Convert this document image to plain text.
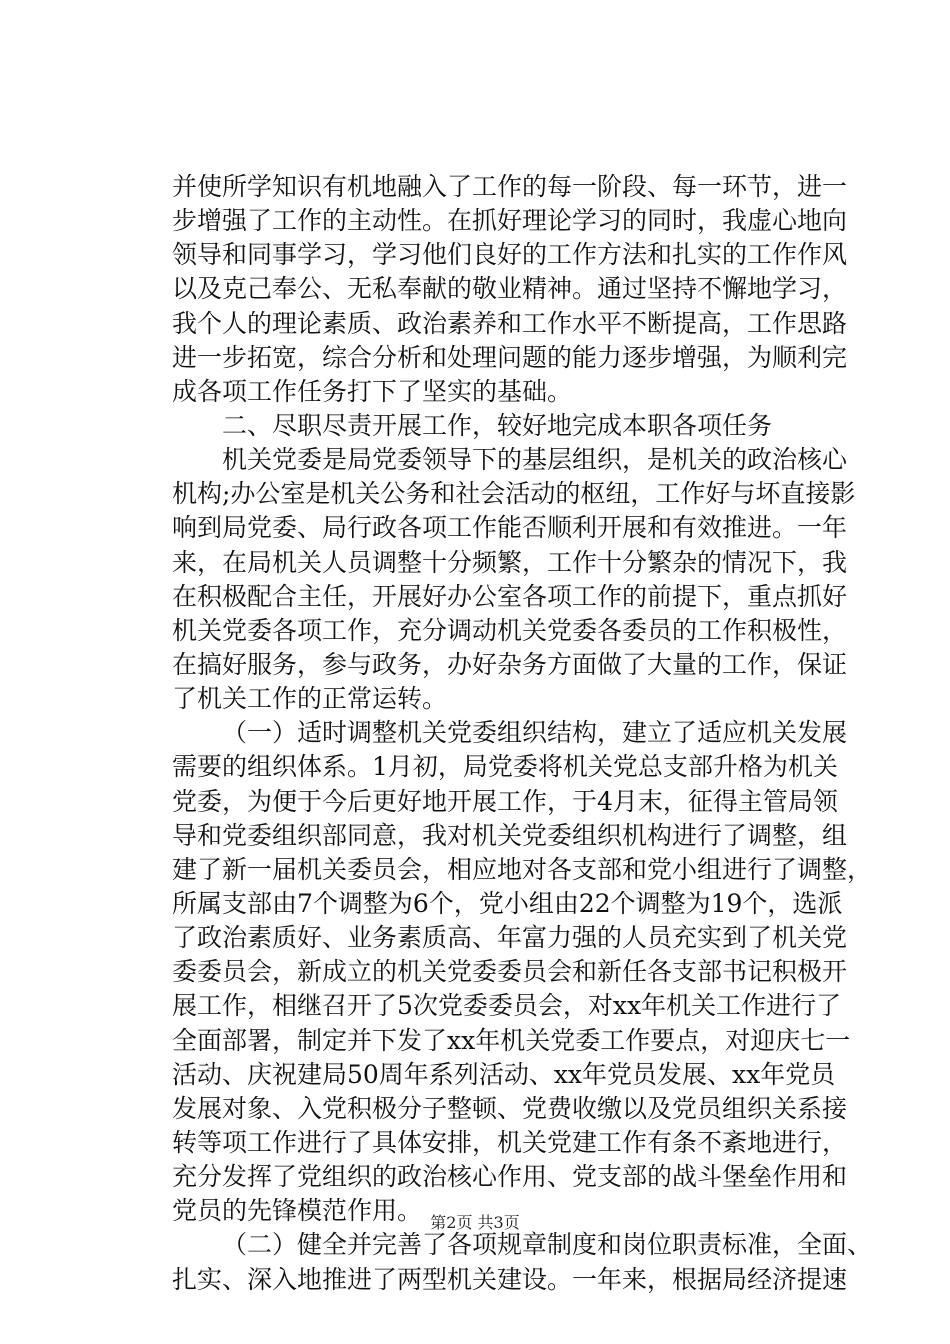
并使所学知识有机地融入了工作的每一阶段、每一环节，进一
步增强了工作的主动性。在抓好理论学习的同时，我虚心地向
领导和同事学习，学习他们良好的工作方法和扎实的工作作风
以及克己奉公、无私奉献的敬业精神。通过坚持不懈地学习，
我个人的理论素质、政治素养和工作水平不断提高，工作思路
进一步拓宽，综合分析和处理问题的能力逐步增强，为顺利完
成各项工作任务打下了坚实的基础。
二、尽职尽责开展工作，较好地完成本职各项任务
机关党委是局党委领导下的基层组织，是机关的政治核心
机构;办公室是机关公务和社会活动的枢纽，工作好与坏直接影
响到局党委、局行政各项工作能否顺利开展和有效推进。一年
来，在局机关人员调整十分频繁，工作十分繁杂的情况下，我
在积极配合主任，开展好办公室各项工作的前提下，重点抓好
机关党委各项工作，充分调动机关党委各委员的工作积极性，
在搞好服务，参与政务，办好杂务方面做了大量的工作，保证
了机关工作的正常运转。
（一）适时调整机关党委组织结构，建立了适应机关发展
需要的组织体系。1月初，局党委将机关党总支部升格为机关
党委，为便于今后更好地开展工作，于4月末，征得主管局领
导和党委组织部同意，我对机关党委组织机构进行了调整，组
建了新一届机关委员会，相应地对各支部和党小组进行了调整，
所属支部由7个调整为6个，党小组由22个调整为19个，选派
了政治素质好、业务素质高、年富力强的人员充实到了机关党
委委员会，新成立的机关党委委员会和新任各支部书记积极开
展工作，相继召开了5次党委委员会，对xx年机关工作进行了
全面部署，制定并下发了xx年机关党委工作要点，对迎庆七一
活动、庆祝建局50周年系列活动、xx年党员发展、xx年党员
发展对象、入党积极分子整顿、党费收缴以及党员组织关系接
转等项工作进行了具体安排，机关党建工作有条不紊地进行，
充分发挥了党组织的政治核心作用、党支部的战斗堡垒作用和
党员的先锋模范作用。
（二）健全并完善了各项规章制度和岗位职责标准，全面、
扎实、深入地推进了两型机关建设。一年来，根据局经济提速
第2页 共3页
